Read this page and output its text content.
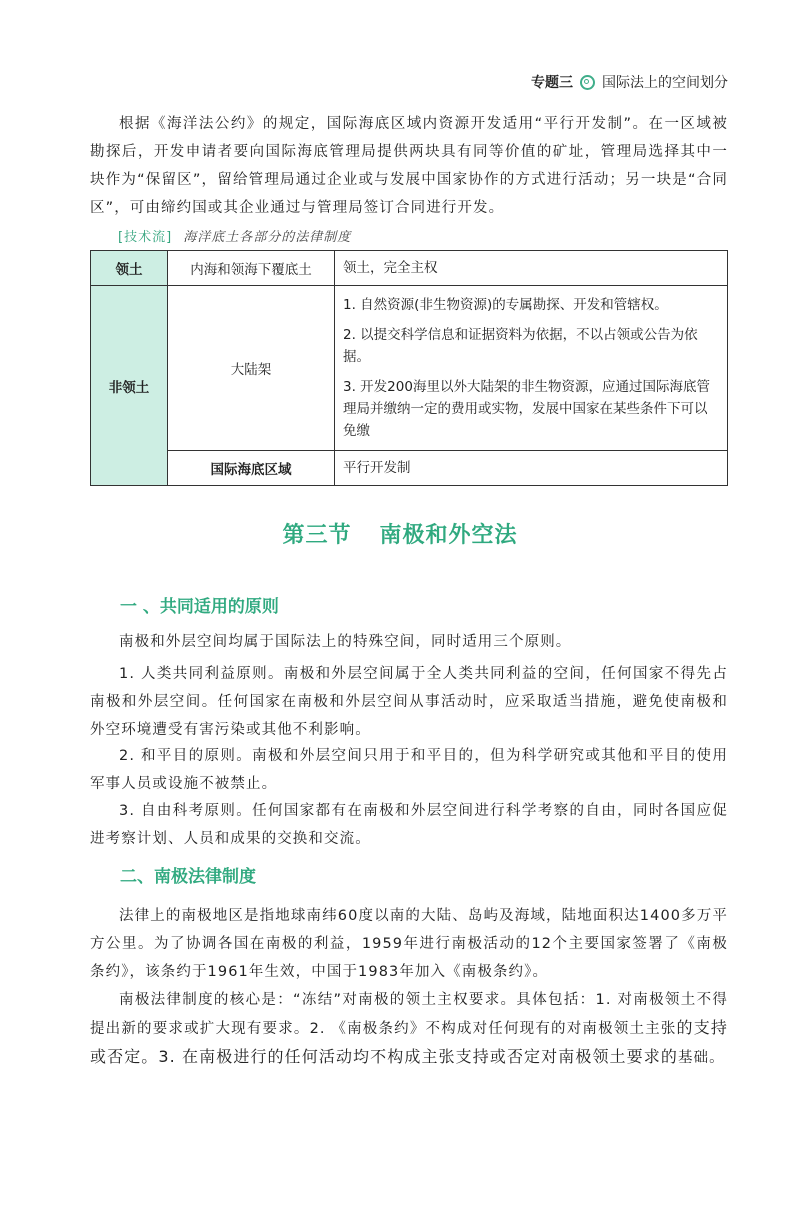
专题三 国际法上的空间划分

根据《海洋法公约》的规定，国际海底区域内资源开发适用“平行开发制”。在一区域被勘探后，开发申请者要向国际海底管理局提供两块具有同等价值的矿址，管理局选择其中一块作为“保留区”，留给管理局通过企业或与发展中国家协作的方式进行活动；另一块是“合同区”，可由缔约国或其企业通过与管理局签订合同进行开发。

[技术流] 海洋底土各部分的法律制度
领土	内海和领海下覆底土	领土，完全主权
非领土	大陆架	1. 自然资源(非生物资源)的专属勘探、开发和管辖权。

2. 以提交科学信息和证据资料为依据，不以占领或公告为依据。

3. 开发200海里以外大陆架的非生物资源，应通过国际海底管理局并缴纳一定的费用或实物，发展中国家在某些条件下可以免缴

	国际海底区域	平行开发制
第三节 南极和外空法
一 、共同适用的原则

南极和外层空间均属于国际法上的特殊空间，同时适用三个原则。

1. 人类共同利益原则。南极和外层空间属于全人类共同利益的空间，任何国家不得先占南极和外层空间。任何国家在南极和外层空间从事活动时，应采取适当措施，避免使南极和外空环境遭受有害污染或其他不利影响。

2. 和平目的原则。南极和外层空间只用于和平目的，但为科学研究或其他和平目的使用军事人员或设施不被禁止。

3. 自由科考原则。任何国家都有在南极和外层空间进行科学考察的自由，同时各国应促进考察计划、人员和成果的交换和交流。

二、南极法律制度

法律上的南极地区是指地球南纬60度以南的大陆、岛屿及海域，陆地面积达1400多万平方公里。为了协调各国在南极的利益，1959年进行南极活动的12个主要国家签署了《南极条约》，该条约于1961年生效，中国于1983年加入《南极条约》。

南极法律制度的核心是：“冻结”对南极的领土主权要求。具体包括：1. 对南极领土不得提出新的要求或扩大现有要求。2. 《南极条约》不构成对任何现有的对南极领土主张的支持或否定。3. 在南极进行的任何活动均不构成主张支持或否定对南极领土要求的基础。
